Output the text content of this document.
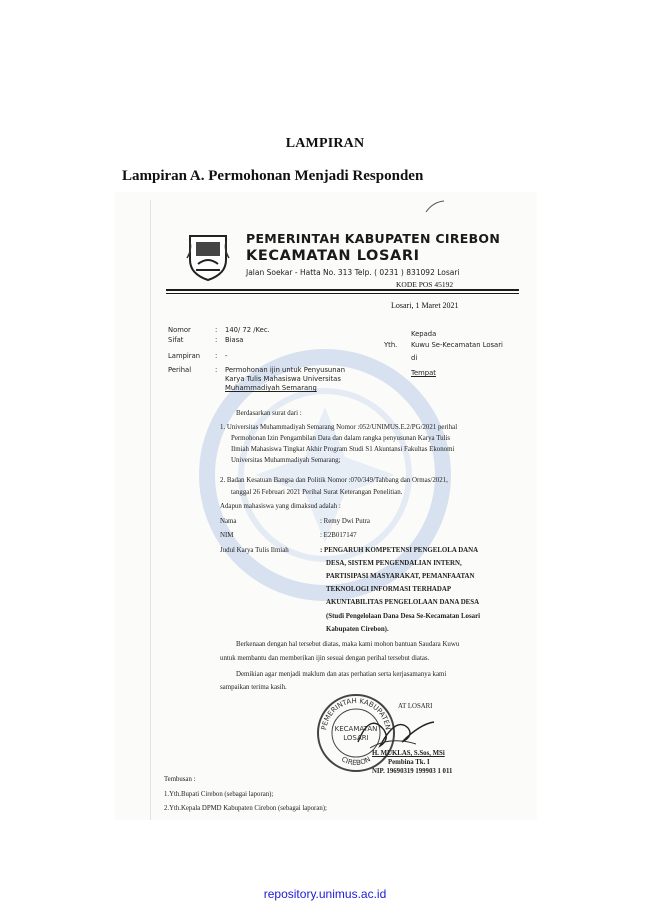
LAMPIRAN
Lampiran A. Permohonan Menjadi Responden
PEMERINTAH KABUPATEN CIREBON
KECAMATAN LOSARI
Jalan Soekar - Hatta No. 313 Telp. ( 0231 ) 831092 Losari
KODE POS 45192
Losari, 1 Maret 2021
Nomor	: 140/ 72 /Kec.
Sifat	: Biasa
Lampiran : -
Perihal	: Permohonan ijin untuk Penyusunan
Karya Tulis Mahasiswa Universitas
Muhammadiyah Semarang
Kepada
Yth. Kuwu Se-Kecamatan Losari
di
Tempat
Berdasarkan surat dari :
1. Universitas Muhammadiyah Semarang Nomor :052/UNIMUS.E.2/PG/2021 perihal
Permohonan Izin Pengambilan Data dan dalam rangka penyusunan Karya Tulis
Ilmiah Mahasiswa Tingkat Akhir Program Studi S1 Akuntansi Fakultas Ekonomi
Universitas Muhammadiyah Semarang;
2. Badan Kesatuan Bangsa dan Politik Nomor :070/349/Tahbang dan Ormas/2021,
tanggal 26 Februari 2021 Perihal Surat Keterangan Penelitian.
Adapun mahasiswa yang dimaksud adalah :
Nama	: Remy Dwi Putra
NIM	: E2B017147
Judul Karya Tulis Ilmiah	: PENGARUH KOMPETENSI PENGELOLA DANA
DESA, SISTEM PENGENDALIAN INTERN,
PARTISIPASI MASYARAKAT, PEMANFAATAN
TEKNOLOGI INFORMASI TERHADAP
AKUNTABILITAS PENGELOLAAN DANA DESA
(Studi Pengelolaan Dana Desa Se-Kecamatan Losari
Kabupaten Cirebon).
Berkenaan dengan hal tersebut diatas, maka kami mohon bantuan Saudara Kuwu
untuk membantu dan memberikan ijin sesuai dengan perihal tersebut diatas.
Demikian agar menjadi maklum dan atas perhatian serta kerjasamanya kami
sampaikan terima kasih.
PEMERINTAH KABUPATEN
CIREBON
KECAMATAN
LOSARI
AT LOSARI
H. MUKLAS, S.Sos, MSi
Pembina Tk. I
NIP. 19690319 199903 1 011
Tembusan :
1.Yth.Bupati Cirebon (sebagai laporan);
2.Yth.Kepala DPMD Kabupaten Cirebon (sebagai laporan);
repository.unimus.ac.id
